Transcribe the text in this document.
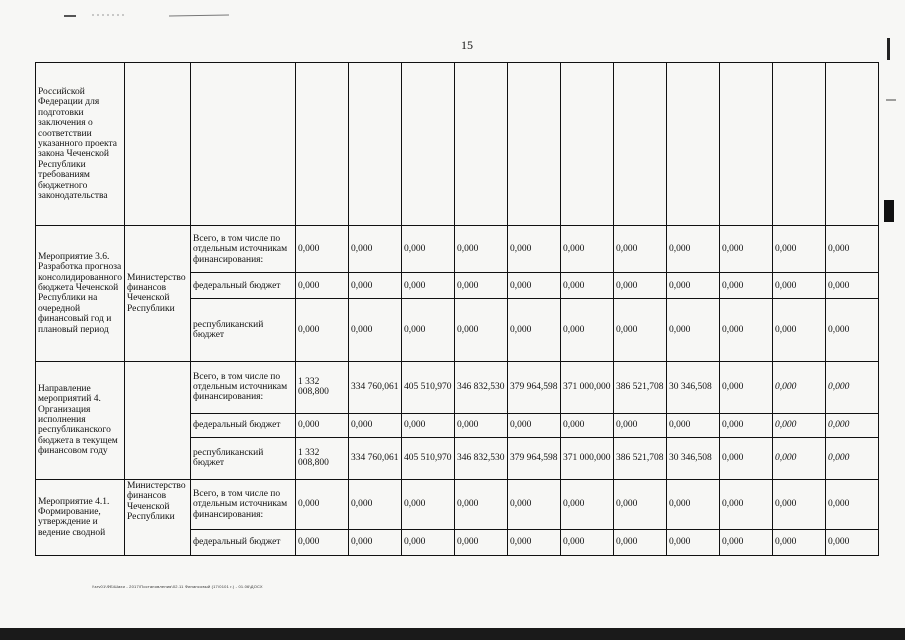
15
Российской Федерации для подготовки заключения о соответствии указанного проекта закона Чеченской Республики требованиям бюджетного законодательства													
Мероприятие 3.6. Разработка прогноза консолидированного бюджета Чеченской Республики на очередной финансовый год и плановый период	Министерство финансов Чеченской Республики	Всего, в том числе по отдельным источникам финансирования:	0,000	0,000	0,000	0,000	0,000	0,000	0,000	0,000	0,000	0,000	0,000
		федеральный бюджет	0,000	0,000	0,000	0,000	0,000	0,000	0,000	0,000	0,000	0,000	0,000
		республиканский бюджет	0,000	0,000	0,000	0,000	0,000	0,000	0,000	0,000	0,000	0,000	0,000
Направление мероприятий 4. Организация исполнения республиканского бюджета в текущем финансовом году		Всего, в том числе по отдельным источникам финансирования:	1 332 008,800	334 760,061	405 510,970	346 832,530	379 964,598	371 000,000	386 521,708	30 346,508	0,000	0,000	0,000
		федеральный бюджет	0,000	0,000	0,000	0,000	0,000	0,000	0,000	0,000	0,000	0,000	0,000
		республиканский бюджет	1 332 008,800	334 760,061	405 510,970	346 832,530	379 964,598	371 000,000	386 521,708	30 346,508	0,000	0,000	0,000
Мероприятие 4.1. Формирование, утверждение и ведение сводной	Министерство финансов Чеченской Республики	Всего, в том числе по отдельным источникам финансирования:	0,000	0,000	0,000	0,000	0,000	0,000	0,000	0,000	0,000	0,000	0,000
		федеральный бюджет	0,000	0,000	0,000	0,000	0,000	0,000	0,000	0,000	0,000	0,000	0,000
\\srv01\ФБ\Шахи - 2017\Постановления\02.11 Финансовый (17/0101 г.) - 01.06\ДОСХ
